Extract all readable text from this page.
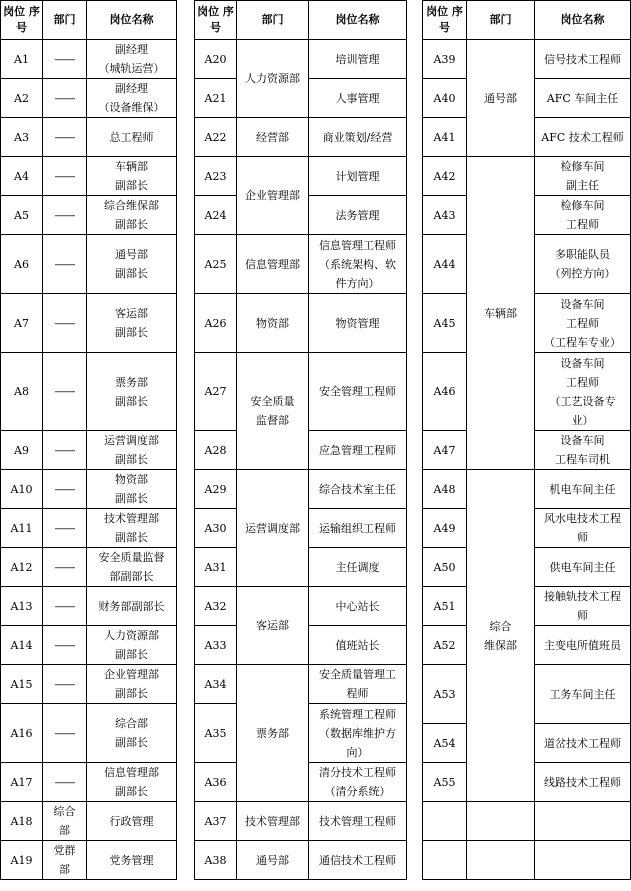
岗位 序号	部门	岗位名称
A1	——	副经理
（城轨运营）
A2	——	副经理
（设备维保）
A3	——	总工程师
A4	——	车辆部
副部长
A5	——	综合维保部
副部长
A6	——	通号部
副部长
A7	——	客运部
副部长
A8	——	票务部
副部长
A9	——	运营调度部
副部长
A10	——	物资部
副部长
A11	——	技术管理部
副部长
A12	——	安全质量监督
部副部长
A13	——	财务部副部长
A14	——	人力资源部
副部长
A15	——	企业管理部
副部长
A16	——	综合部
副部长
A17	——	信息管理部
副部长
A18	综合
部	行政管理
A19	党群
部	党务管理
岗位 序号	部门	岗位名称
A20	人力资源部	培训管理
A21		人事管理
A22	经营部	商业策划/经营
A23	企业管理部	计划管理
A24		法务管理
A25	信息管理部	信息管理工程师
（系统架构、软
件方向）
A26	物资部	物资管理
A27	安全质量
监督部	安全管理工程师
A28		应急管理工程师
A29	运营调度部	综合技术室主任
A30		运输组织工程师
A31		主任调度
A32	客运部	中心站长
A33		值班站长
A34	票务部	安全质量管理工
程师
A35		系统管理工程师
（数据库维护方
向）
A36		清分技术工程师
（清分系统）
A37	技术管理部	技术管理工程师
A38	通号部	通信技术工程师
岗位 序号	部门	岗位名称
A39	通号部	信号技术工程师
A40		AFC 车间主任
A41		AFC 技术工程师
A42	车辆部	检修车间
副主任
A43		检修车间
工程师
A44		多职能队员
（列控方向）
A45		设备车间
工程师
（工程车专业）
A46		设备车间
工程师
（工艺设备专
业）
A47		设备车间
工程车司机
A48	综合
维保部	机电车间主任
A49		风水电技术工程
师
A50		供电车间主任
A51		接触轨技术工程
师
A52		主变电所值班员
A53		工务车间主任
A54		道岔技术工程师
A55		线路技术工程师
